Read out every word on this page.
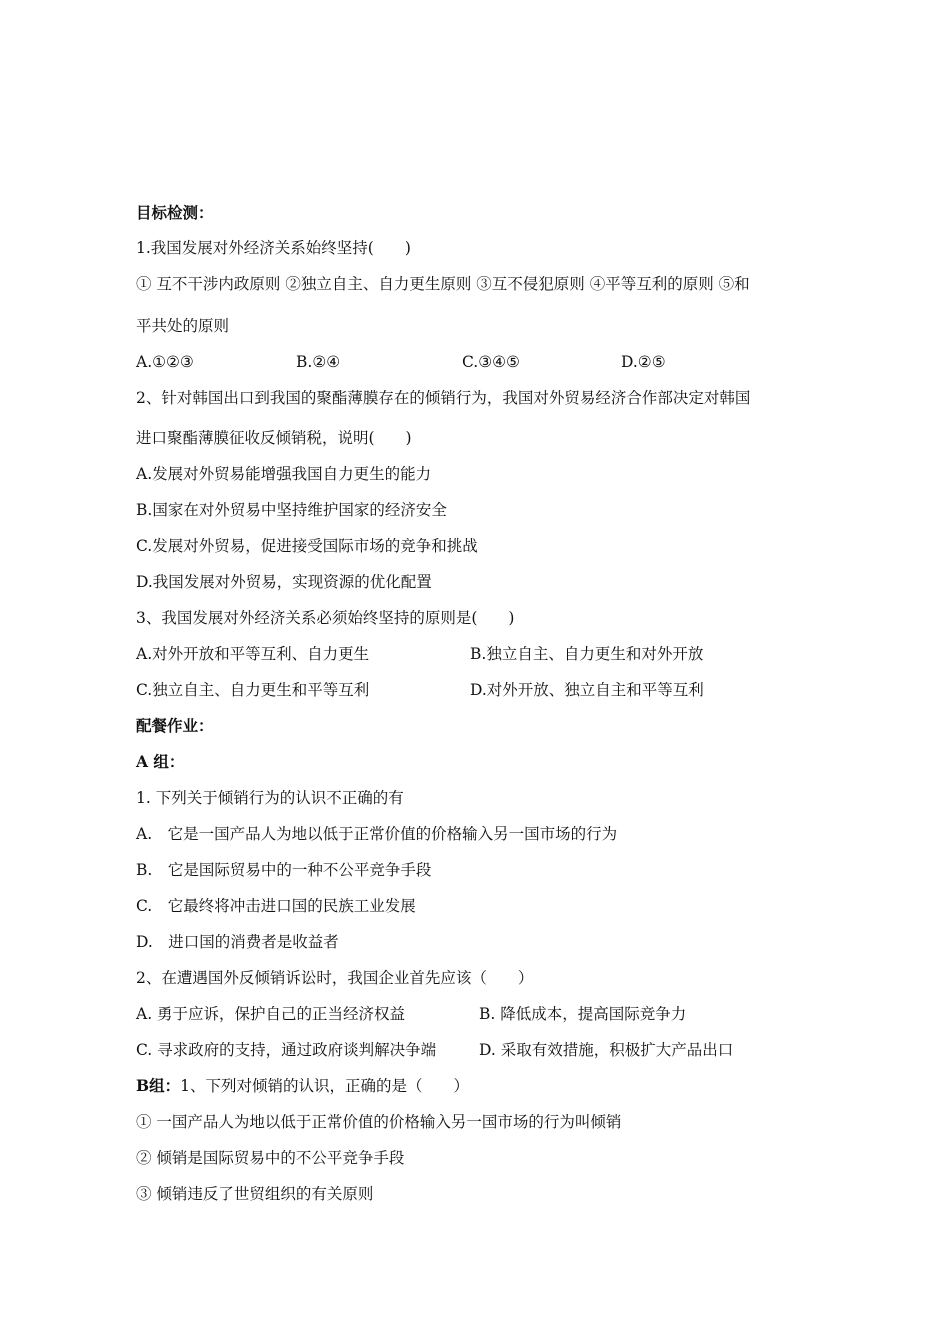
目标检测：
1.我国发展对外经济关系始终坚持(　　)
① 互不干涉内政原则 ②独立自主、自力更生原则 ③互不侵犯原则 ④平等互利的原则 ⑤和
平共处的原则
A.①②③	B.②④	C.③④⑤	D.②⑤
2、针对韩国出口到我国的聚酯薄膜存在的倾销行为，我国对外贸易经济合作部决定对韩国
进口聚酯薄膜征收反倾销税，说明(　　)
A.发展对外贸易能增强我国自力更生的能力
B.国家在对外贸易中坚持维护国家的经济安全
C.发展对外贸易，促进接受国际市场的竞争和挑战
D.我国发展对外贸易，实现资源的优化配置
3、我国发展对外经济关系必须始终坚持的原则是(　　)
A.对外开放和平等互利、自力更生	B.独立自主、自力更生和对外开放
C.独立自主、自力更生和平等互利	D.对外开放、独立自主和平等互利
配餐作业：
A 组：
1. 下列关于倾销行为的认识不正确的有
A.　它是一国产品人为地以低于正常价值的价格输入另一国市场的行为
B.　它是国际贸易中的一种不公平竞争手段
C.　它最终将冲击进口国的民族工业发展
D.　进口国的消费者是收益者
2、在遭遇国外反倾销诉讼时，我国企业首先应该（　　）
A. 勇于应诉，保护自己的正当经济权益	B. 降低成本，提高国际竞争力
C. 寻求政府的支持，通过政府谈判解决争端	D. 采取有效措施，积极扩大产品出口
B组：1、下列对倾销的认识，正确的是（　　）
① 一国产品人为地以低于正常价值的价格输入另一国市场的行为叫倾销
② 倾销是国际贸易中的不公平竞争手段
③ 倾销违反了世贸组织的有关原则
